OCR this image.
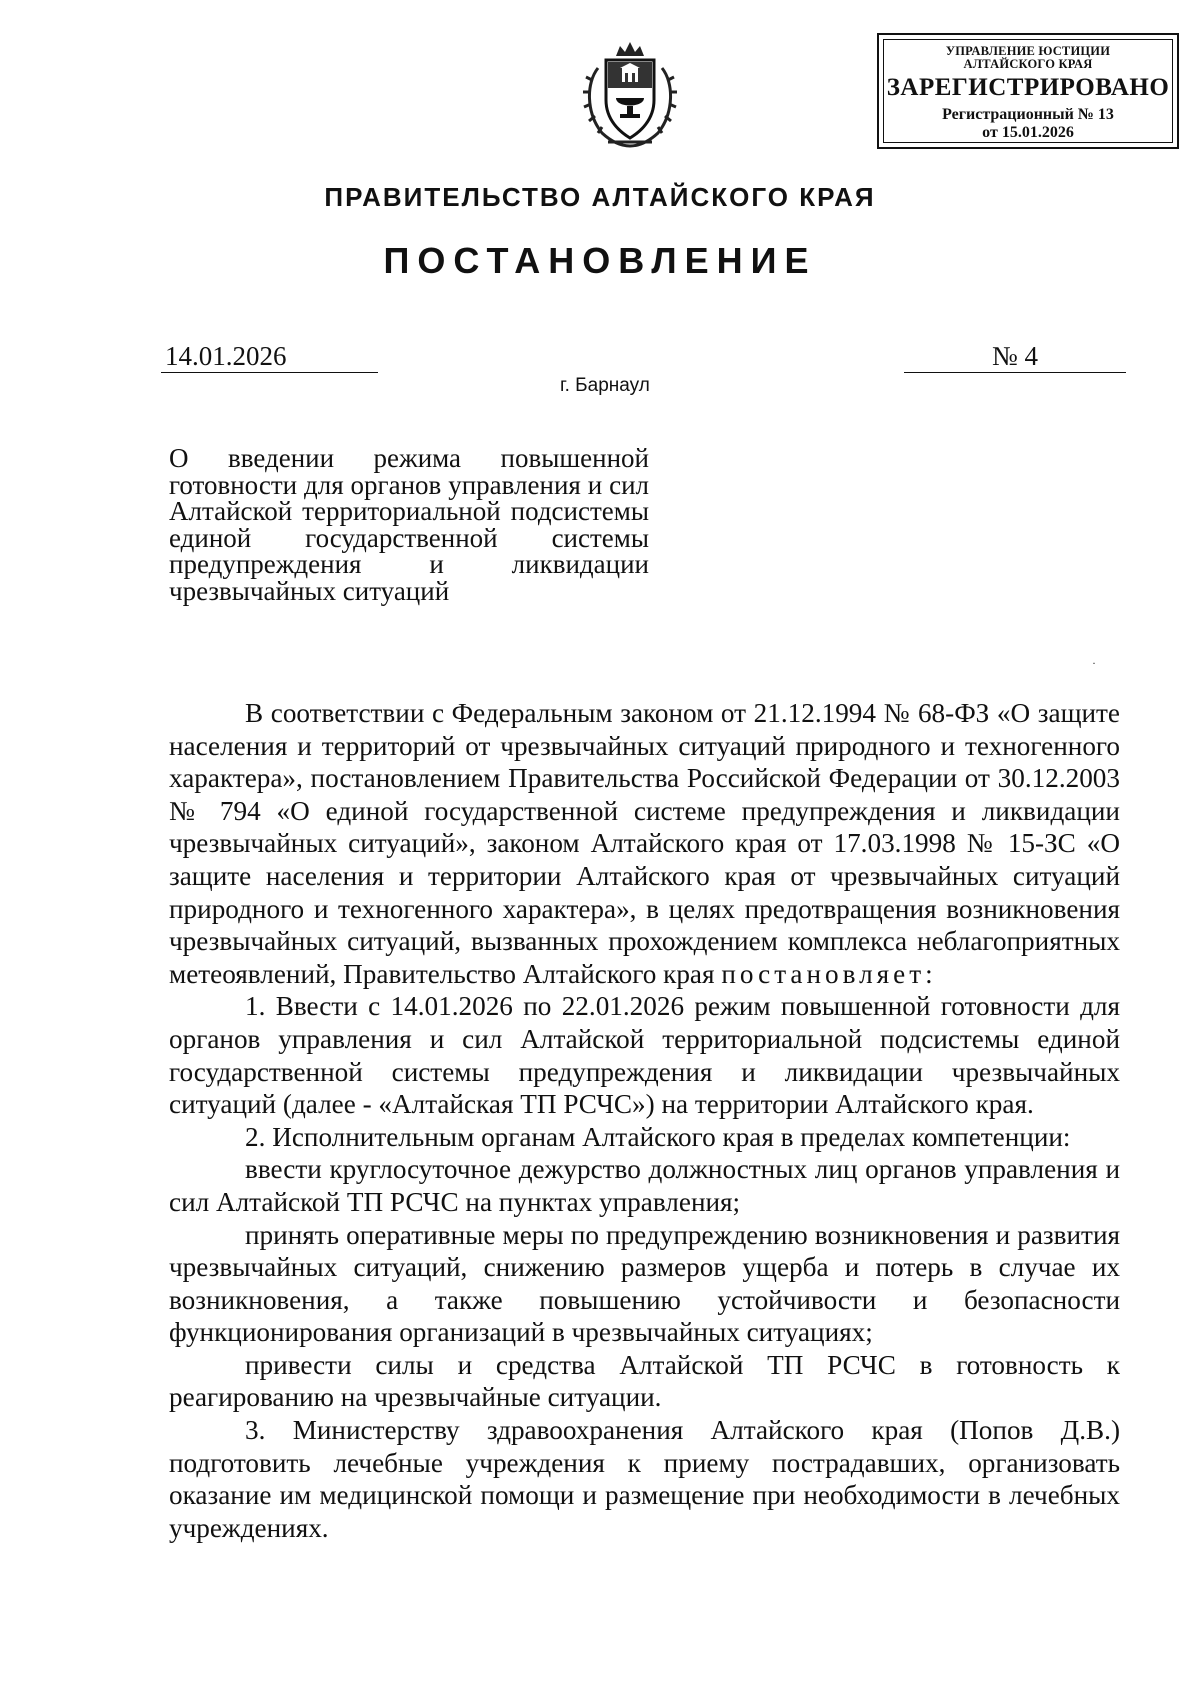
УПРАВЛЕНИЕ ЮСТИЦИИ
АЛТАЙСКОГО КРАЯ
ЗАРЕГИСТРИРОВАНО
Регистрационный № 13
от 15.01.2026
ПРАВИТЕЛЬСТВО АЛТАЙСКОГО КРАЯ
ПОСТАНОВЛЕНИЕ
14.01.2026	№ 4
г. Барнаул
О введении режима повышенной готовности для органов управления и сил Алтайской территориальной подсистемы единой государственной системы предупреждения и ликвидации чрезвычайных ситуаций

В соответствии с Федеральным законом от 21.12.1994 № 68-ФЗ «О защите населения и территорий от чрезвычайных ситуаций природного и техногенного характера», постановлением Правительства Российской Федерации от 30.12.2003 № 794 «О единой государственной системе предупреждения и ликвидации чрезвычайных ситуаций», законом Алтайского края от 17.03.1998 № 15-ЗС «О защите населения и территории Алтайского края от чрезвычайных ситуаций природного и техногенного характера», в целях предотвращения возникновения чрезвычайных ситуаций, вызванных прохождением комплекса неблагоприятных метеоявлений, Правительство Алтайского края постановляет:

1. Ввести с 14.01.2026 по 22.01.2026 режим повышенной готовности для органов управления и сил Алтайской территориальной подсистемы единой государственной системы предупреждения и ликвидации чрезвычайных ситуаций (далее - «Алтайская ТП РСЧС») на территории Алтайского края.

2. Исполнительным органам Алтайского края в пределах компетенции:

ввести круглосуточное дежурство должностных лиц органов управления и сил Алтайской ТП РСЧС на пунктах управления;

принять оперативные меры по предупреждению возникновения и развития чрезвычайных ситуаций, снижению размеров ущерба и потерь в случае их возникновения, а также повышению устойчивости и безопасности функционирования организаций в чрезвычайных ситуациях;

привести силы и средства Алтайской ТП РСЧС в готовность к реагированию на чрезвычайные ситуации.

3. Министерству здравоохранения Алтайского края (Попов Д.В.) подготовить лечебные учреждения к приему пострадавших, организовать оказание им медицинской помощи и размещение при необходимости в лечебных учреждениях.

·
